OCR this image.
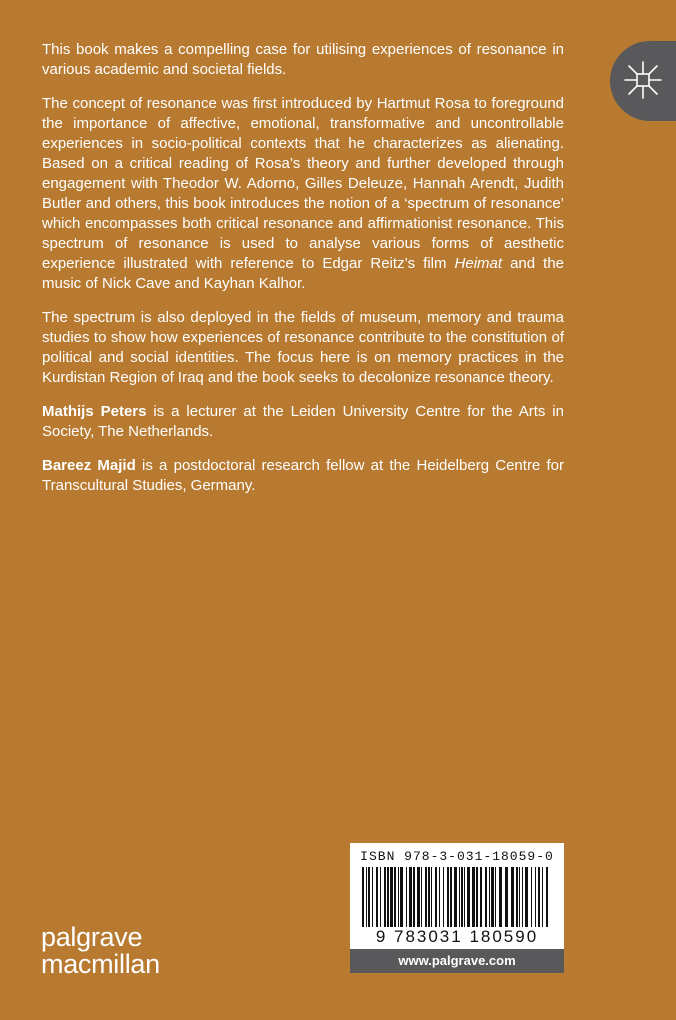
This book makes a compelling case for utilising experiences of resonance in various academic and societal fields.

The concept of resonance was first introduced by Hartmut Rosa to foreground the importance of affective, emotional, transformative and uncontrollable experiences in socio-political contexts that he characterizes as alienating. Based on a critical reading of Rosa’s theory and further developed through engagement with Theodor W. Adorno, Gilles Deleuze, Hannah Arendt, Judith Butler and others, this book introduces the notion of a ‘spectrum of resonance’ which encompasses both critical resonance and affirmationist resonance. This spectrum of resonance is used to analyse various forms of aesthetic experience illustrated with reference to Edgar Reitz’s film Heimat and the music of Nick Cave and Kayhan Kalhor.

The spectrum is also deployed in the fields of museum, memory and trauma studies to show how experiences of resonance contribute to the constitution of political and social identities. The focus here is on memory practices in the Kurdistan Region of Iraq and the book seeks to decolonize resonance theory.

Mathijs Peters is a lecturer at the Leiden University Centre for the Arts in Society, The Netherlands.

Bareez Majid is a postdoctoral research fellow at the Heidelberg Centre for Transcultural Studies, Germany.

ISBN 978-3-031-18059-0
9 783031 180590
www.palgrave.com
palgrave
macmillan
